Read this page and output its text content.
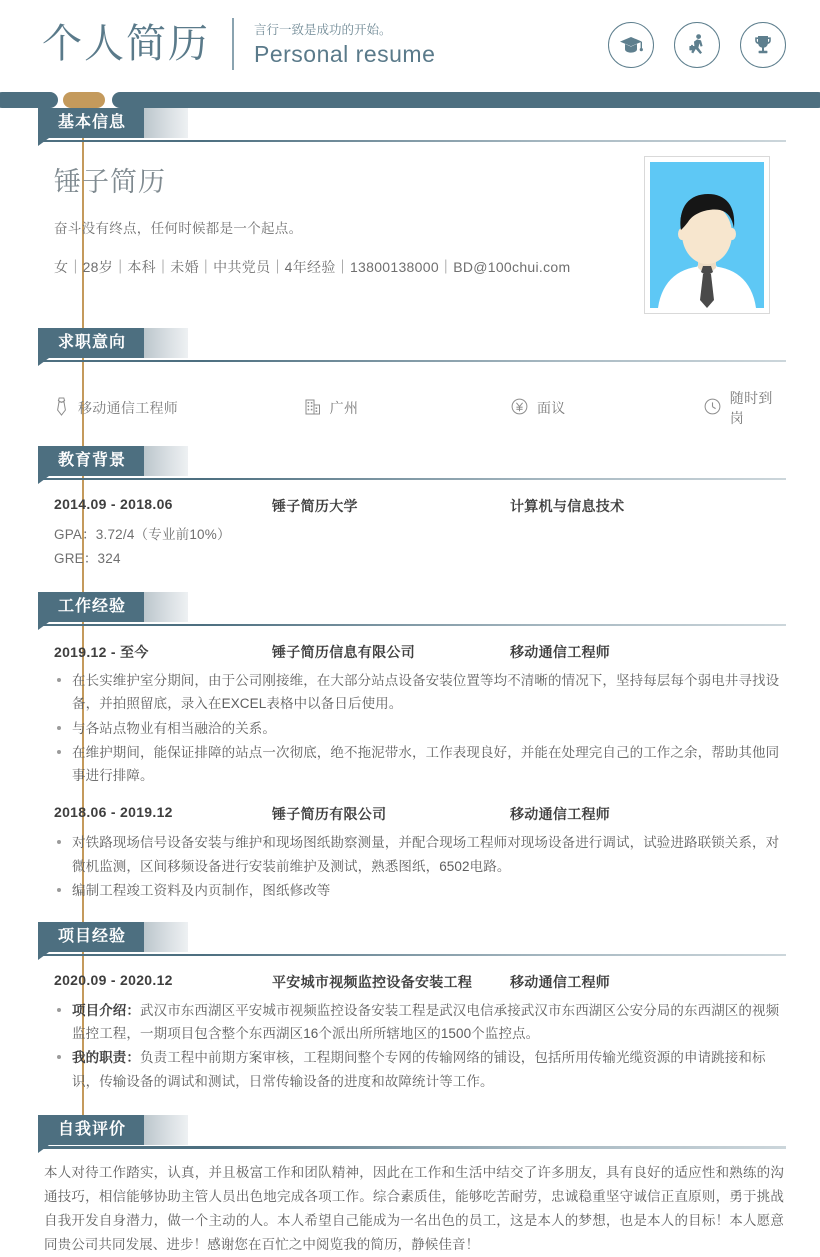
个人简历	言行一致是成功的开始。
Personal resume
基本信息
锤子简历
奋斗没有终点，任何时候都是一个起点。
女｜28岁｜本科｜未婚｜中共党员｜4年经验｜13800138000｜BD@100chui.com
求职意向
移动通信工程师	广州	面议
随时到岗
教育背景
2014.09 - 2018.06	锤子简历大学	计算机与信息技术
GPA：3.72/4（专业前10%）
GRE：324
工作经验
2019.12 - 至今	锤子简历信息有限公司	移动通信工程师
在长实维护室分期间，由于公司刚接维，在大部分站点设备安装位置等均不清晰的情况下，坚持每层每个弱电井寻找设备，并拍照留底，录入在EXCEL表格中以备日后使用。
与各站点物业有相当融洽的关系。
在维护期间，能保证排障的站点一次彻底，绝不拖泥带水，工作表现良好，并能在处理完自己的工作之余，帮助其他同事进行排障。
2018.06 - 2019.12	锤子简历有限公司	移动通信工程师
对铁路现场信号设备安装与维护和现场图纸勘察测量，并配合现场工程师对现场设备进行调试，试验进路联锁关系，对微机监测，区间移频设备进行安装前维护及测试，熟悉图纸，6502电路。
编制工程竣工资料及内页制作，图纸修改等
项目经验
2020.09 - 2020.12	平安城市视频监控设备安装工程	移动通信工程师
项目介绍：武汉市东西湖区平安城市视频监控设备安装工程是武汉电信承接武汉市东西湖区公安分局的东西湖区的视频监控工程，一期项目包含整个东西湖区16个派出所所辖地区的1500个监控点。
我的职责：负责工程中前期方案审核，工程期间整个专网的传输网络的铺设，包括所用传输光缆资源的申请跳接和标识，传输设备的调试和测试，日常传输设备的进度和故障统计等工作。
自我评价
本人对待工作踏实，认真，并且极富工作和团队精神，因此在工作和生活中结交了许多朋友，具有良好的适应性和熟练的沟通技巧，相信能够协助主管人员出色地完成各项工作。综合素质佳，能够吃苦耐劳，忠诚稳重坚守诚信正直原则，勇于挑战自我开发自身潜力，做一个主动的人。本人希望自己能成为一名出色的员工，这是本人的梦想，也是本人的目标！本人愿意同贵公司共同发展、进步！感谢您在百忙之中阅览我的简历，静候佳音！
